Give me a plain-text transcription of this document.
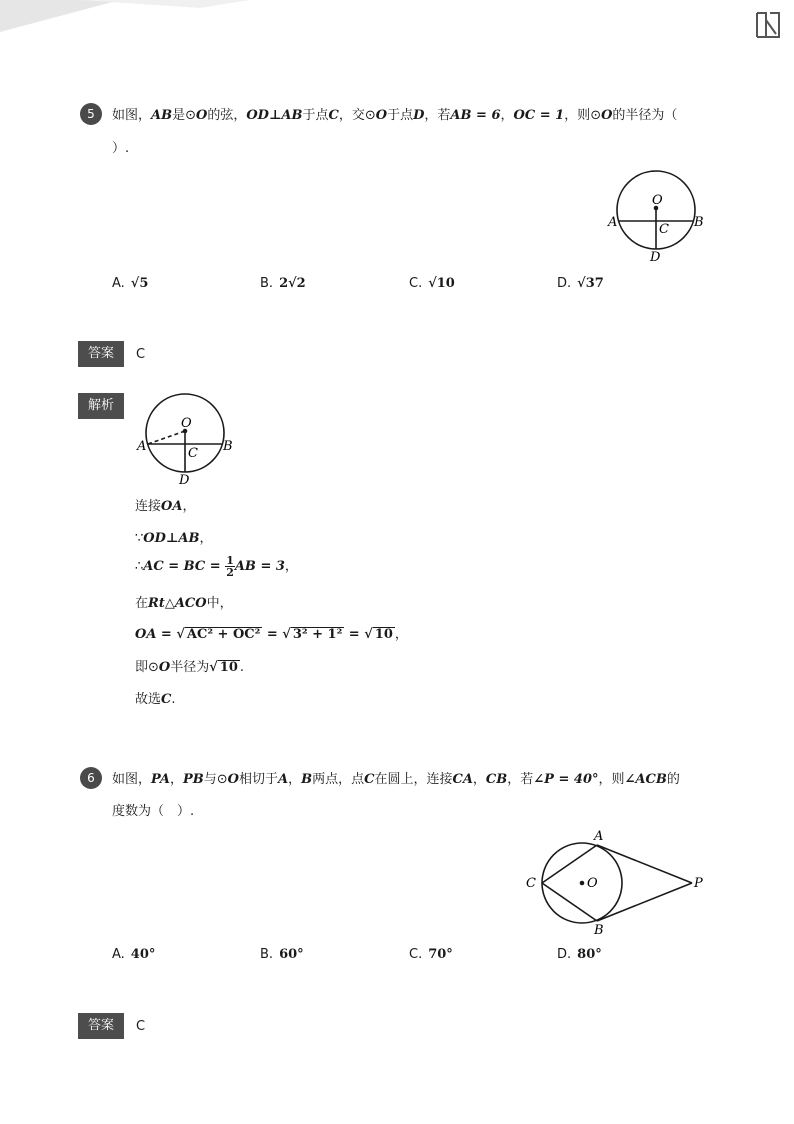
5	如图，AB是⊙O的弦，OD⊥AB于点C，交⊙O于点D，若AB = 6，OC = 1，则⊙O的半径为（
）.
O
A	B
C
D
A. √5	B. 2√2	C. √10	D. √37
答案	C
解析
O
A	B
C
D
连接OA，
∵OD⊥AB，
∴AC = BC = $\frac{1}{2}$ AB = 3，
在Rt△ACO中，
OA = √ AC² + OC² = √ 3² + 1² = √ 10 ，
即⊙O半径为√ 10 .
故选C.
6	如图，PA，PB与⊙O相切于A，B两点，点C在圆上，连接CA，CB，若∠P = 40°，则∠ACB的
度数为（　）.
A
B
C	O	P
A. 40°	B. 60°	C. 70°	D. 80°
答案	C
